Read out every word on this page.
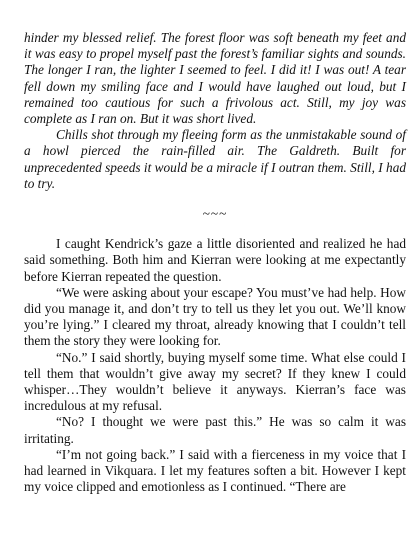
hinder my blessed relief. The forest floor was soft beneath my feet and it was easy to propel myself past the forest’s familiar sights and sounds. The longer I ran, the lighter I seemed to feel. I did it! I was out! A tear fell down my smiling face and I would have laughed out loud, but I remained too cautious for such a frivolous act. Still, my joy was complete as I ran on. But it was short lived.

Chills shot through my fleeing form as the unmistakable sound of a howl pierced the rain-filled air. The Galdreth. Built for unprecedented speeds it would be a miracle if I outran them. Still, I had to try.

~~~

I caught Kendrick’s gaze a little disoriented and realized he had said something. Both him and Kierran were looking at me expectantly before Kierran repeated the question.

“We were asking about your escape? You must’ve had help. How did you manage it, and don’t try to tell us they let you out. We’ll know you’re lying.” I cleared my throat, already knowing that I couldn’t tell them the story they were looking for.

“No.” I said shortly, buying myself some time. What else could I tell them that wouldn’t give away my secret? If they knew I could whisper…They wouldn’t believe it anyways. Kierran’s face was incredulous at my refusal.

“No? I thought we were past this.” He was so calm it was irritating.

“I’m not going back.” I said with a fierceness in my voice that I had learned in Vikquara. I let my features soften a bit. However I kept my voice clipped and emotionless as I continued. “There are
